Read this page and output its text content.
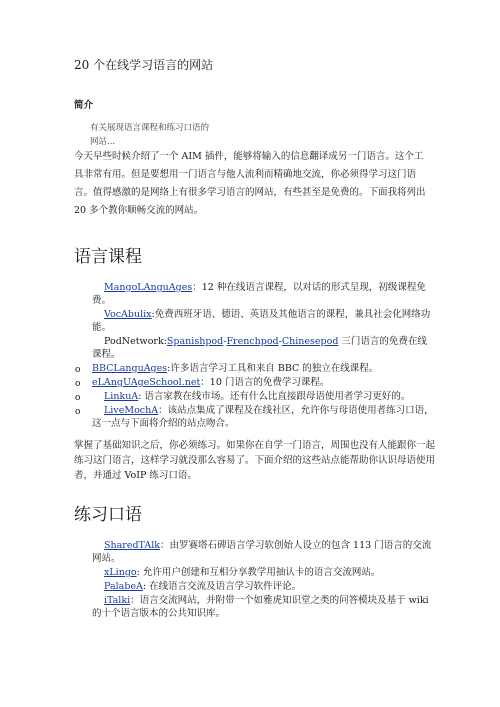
20 个在线学习语言的网站
简介
有关展现语言课程和练习口语的
网站...
今天早些时候介绍了一个 AIM 插件，能够将输入的信息翻译成另一门语言。这个工具非常有用。但是要想用一门语言与他人流利而精确地交流，你必须得学习这门语言。值得感激的是网络上有很多学习语言的网站，有些甚至是免费的。下面我将列出 20 多个教你顺畅交流的网站。
语言课程
MangoLAnguAges：12 种在线语言课程，以对话的形式呈现，初级课程免费。
VocAbulix:免费西班牙语、德语、英语及其他语言的课程，兼具社会化网络功能。
PodNetwork:Spanishpod-Frenchpod-Chinesepod 三门语言的免费在线课程。
o BBCLanguAges:许多语言学习工具和来自 BBC 的独立在线课程。
o eLAngUAgeSchool.net：10 门语言的免费学习课程。
o LinkuA: 语言家教在线市场。还有什么比直接跟母语使用者学习更好的。
o LiveMochA：该站点集成了课程及在线社区，允许你与母语使用者练习口语，这一点与下面将介绍的站点吻合。
掌握了基础知识之后，你必须练习。如果你在自学一门语言，周围也没有人能跟你一起练习这门语言，这样学习就没那么容易了。下面介绍的这些站点能帮助你认识母语使用者，并通过 VoIP 练习口语。
练习口语
SharedTAlk：由罗赛塔石碑语言学习软创始人设立的包含 113 门语言的交流网站。
xLingo: 允许用户创建和互相分享教学用抽认卡的语言交流网站。
PalabeA: 在线语言交流及语言学习软件评论。
iTalki：语言交流网站，并附带一个如雅虎知识堂之类的问答模块及基于 wiki 的十个语言版本的公共知识库。
